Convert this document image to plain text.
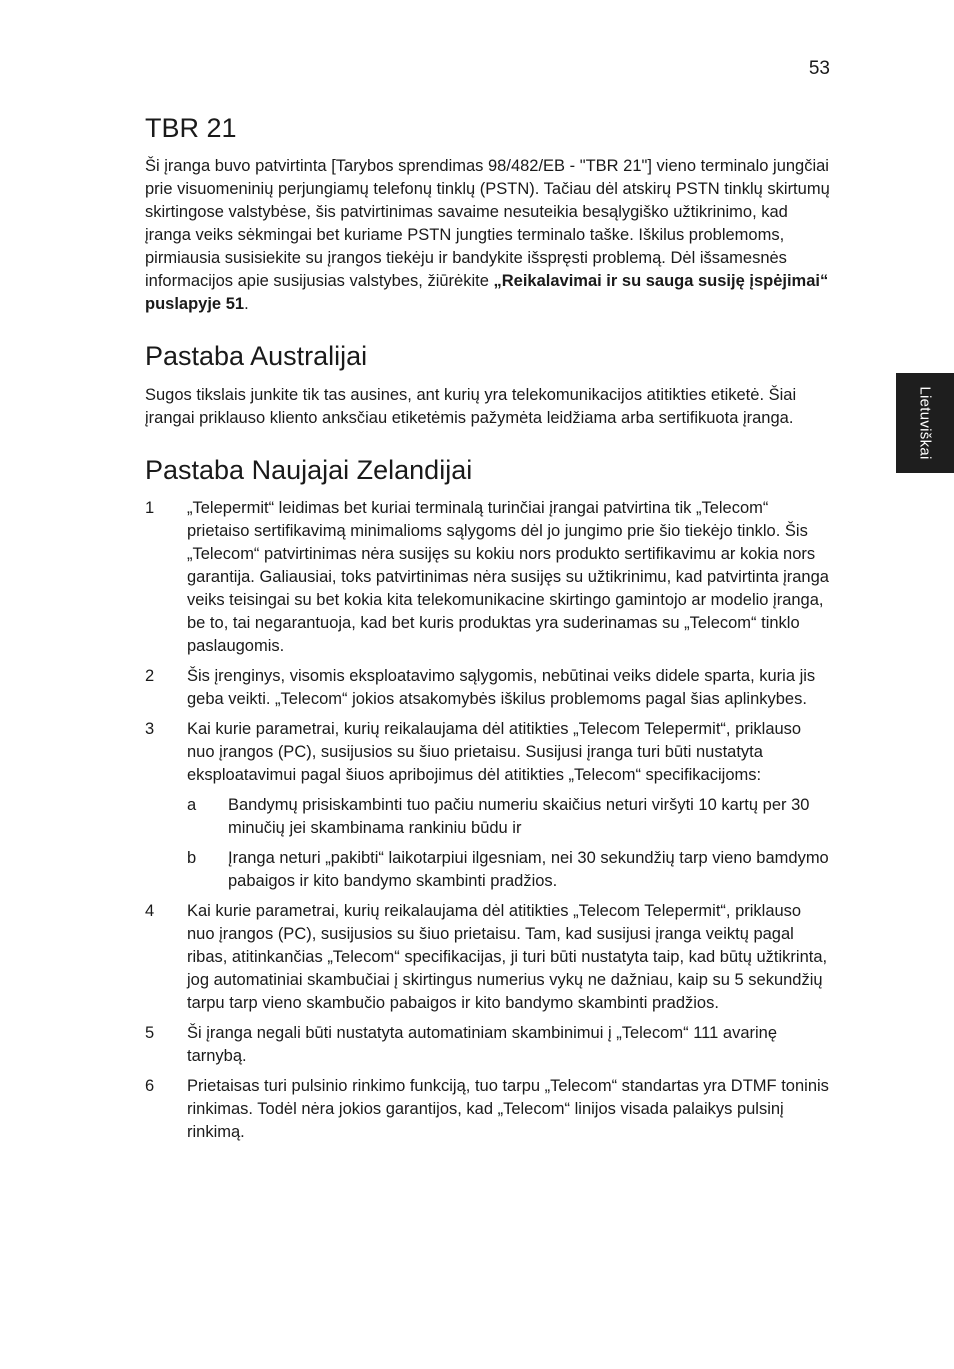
53
Lietuviškai
TBR 21

Ši įranga buvo patvirtinta [Tarybos sprendimas 98/482/EB - "TBR 21"] vieno terminalo jungčiai prie visuomeninių perjungiamų telefonų tinklų (PSTN). Tačiau dėl atskirų PSTN tinklų skirtumų skirtingose valstybėse, šis patvirtinimas savaime nesuteikia besąlygiško užtikrinimo, kad įranga veiks sėkmingai bet kuriame PSTN jungties terminalo taške. Iškilus problemoms, pirmiausia susisiekite su įrangos tiekėju ir bandykite išspręsti problemą. Dėl išsamesnės informacijos apie susijusias valstybes, žiūrėkite „Reikalavimai ir su sauga susiję įspėjimai“ puslapyje 51.

Pastaba Australijai

Sugos tikslais junkite tik tas ausines, ant kurių yra telekomunikacijos atitikties etiketė. Šiai įrangai priklauso kliento anksčiau etiketėmis pažymėta leidžiama arba sertifikuota įranga.

Pastaba Naujajai Zelandijai
1	„Telepermit“ leidimas bet kuriai terminalą turinčiai įrangai patvirtina tik „Telecom“ prietaiso sertifikavimą minimalioms sąlygoms dėl jo jungimo prie šio tiekėjo tinklo. Šis „Telecom“ patvirtinimas nėra susijęs su kokiu nors produkto sertifikavimu ar kokia nors garantija. Galiausiai, toks patvirtinimas nėra susijęs su užtikrinimu, kad patvirtinta įranga veiks teisingai su bet kokia kita telekomunikacine skirtingo gamintojo ar modelio įranga, be to, tai negarantuoja, kad bet kuris produktas yra suderinamas su „Telecom“ tinklo paslaugomis.
2	Šis įrenginys, visomis eksploatavimo sąlygomis, nebūtinai veiks didele sparta, kuria jis geba veikti. „Telecom“ jokios atsakomybės iškilus problemoms pagal šias aplinkybes.
3	Kai kurie parametrai, kurių reikalaujama dėl atitikties „Telecom Telepermit“, priklauso nuo įrangos (PC), susijusios su šiuo prietaisu. Susijusi įranga turi būti nustatyta eksploatavimui pagal šiuos apribojimus dėl atitikties „Telecom“ specifikacijoms:
a	Bandymų prisiskambinti tuo pačiu numeriu skaičius neturi viršyti 10 kartų per 30 minučių jei skambinama rankiniu būdu ir
b	Įranga neturi „pakibti“ laikotarpiui ilgesniam, nei 30 sekundžių tarp vieno bamdymo pabaigos ir kito bandymo skambinti pradžios.
4	Kai kurie parametrai, kurių reikalaujama dėl atitikties „Telecom Telepermit“, priklauso nuo įrangos (PC), susijusios su šiuo prietaisu. Tam, kad susijusi įranga veiktų pagal ribas, atitinkančias „Telecom“ specifikacijas, ji turi būti nustatyta taip, kad būtų užtikrinta, jog automatiniai skambučiai į skirtingus numerius vykų ne dažniau, kaip su 5 sekundžių tarpu tarp vieno skambučio pabaigos ir kito bandymo skambinti pradžios.
5	Ši įranga negali būti nustatyta automatiniam skambinimui į „Telecom“ 111 avarinę tarnybą.
6	Prietaisas turi pulsinio rinkimo funkciją, tuo tarpu „Telecom“ standartas yra DTMF toninis rinkimas. Todėl nėra jokios garantijos, kad „Telecom“ linijos visada palaikys pulsinį rinkimą.
